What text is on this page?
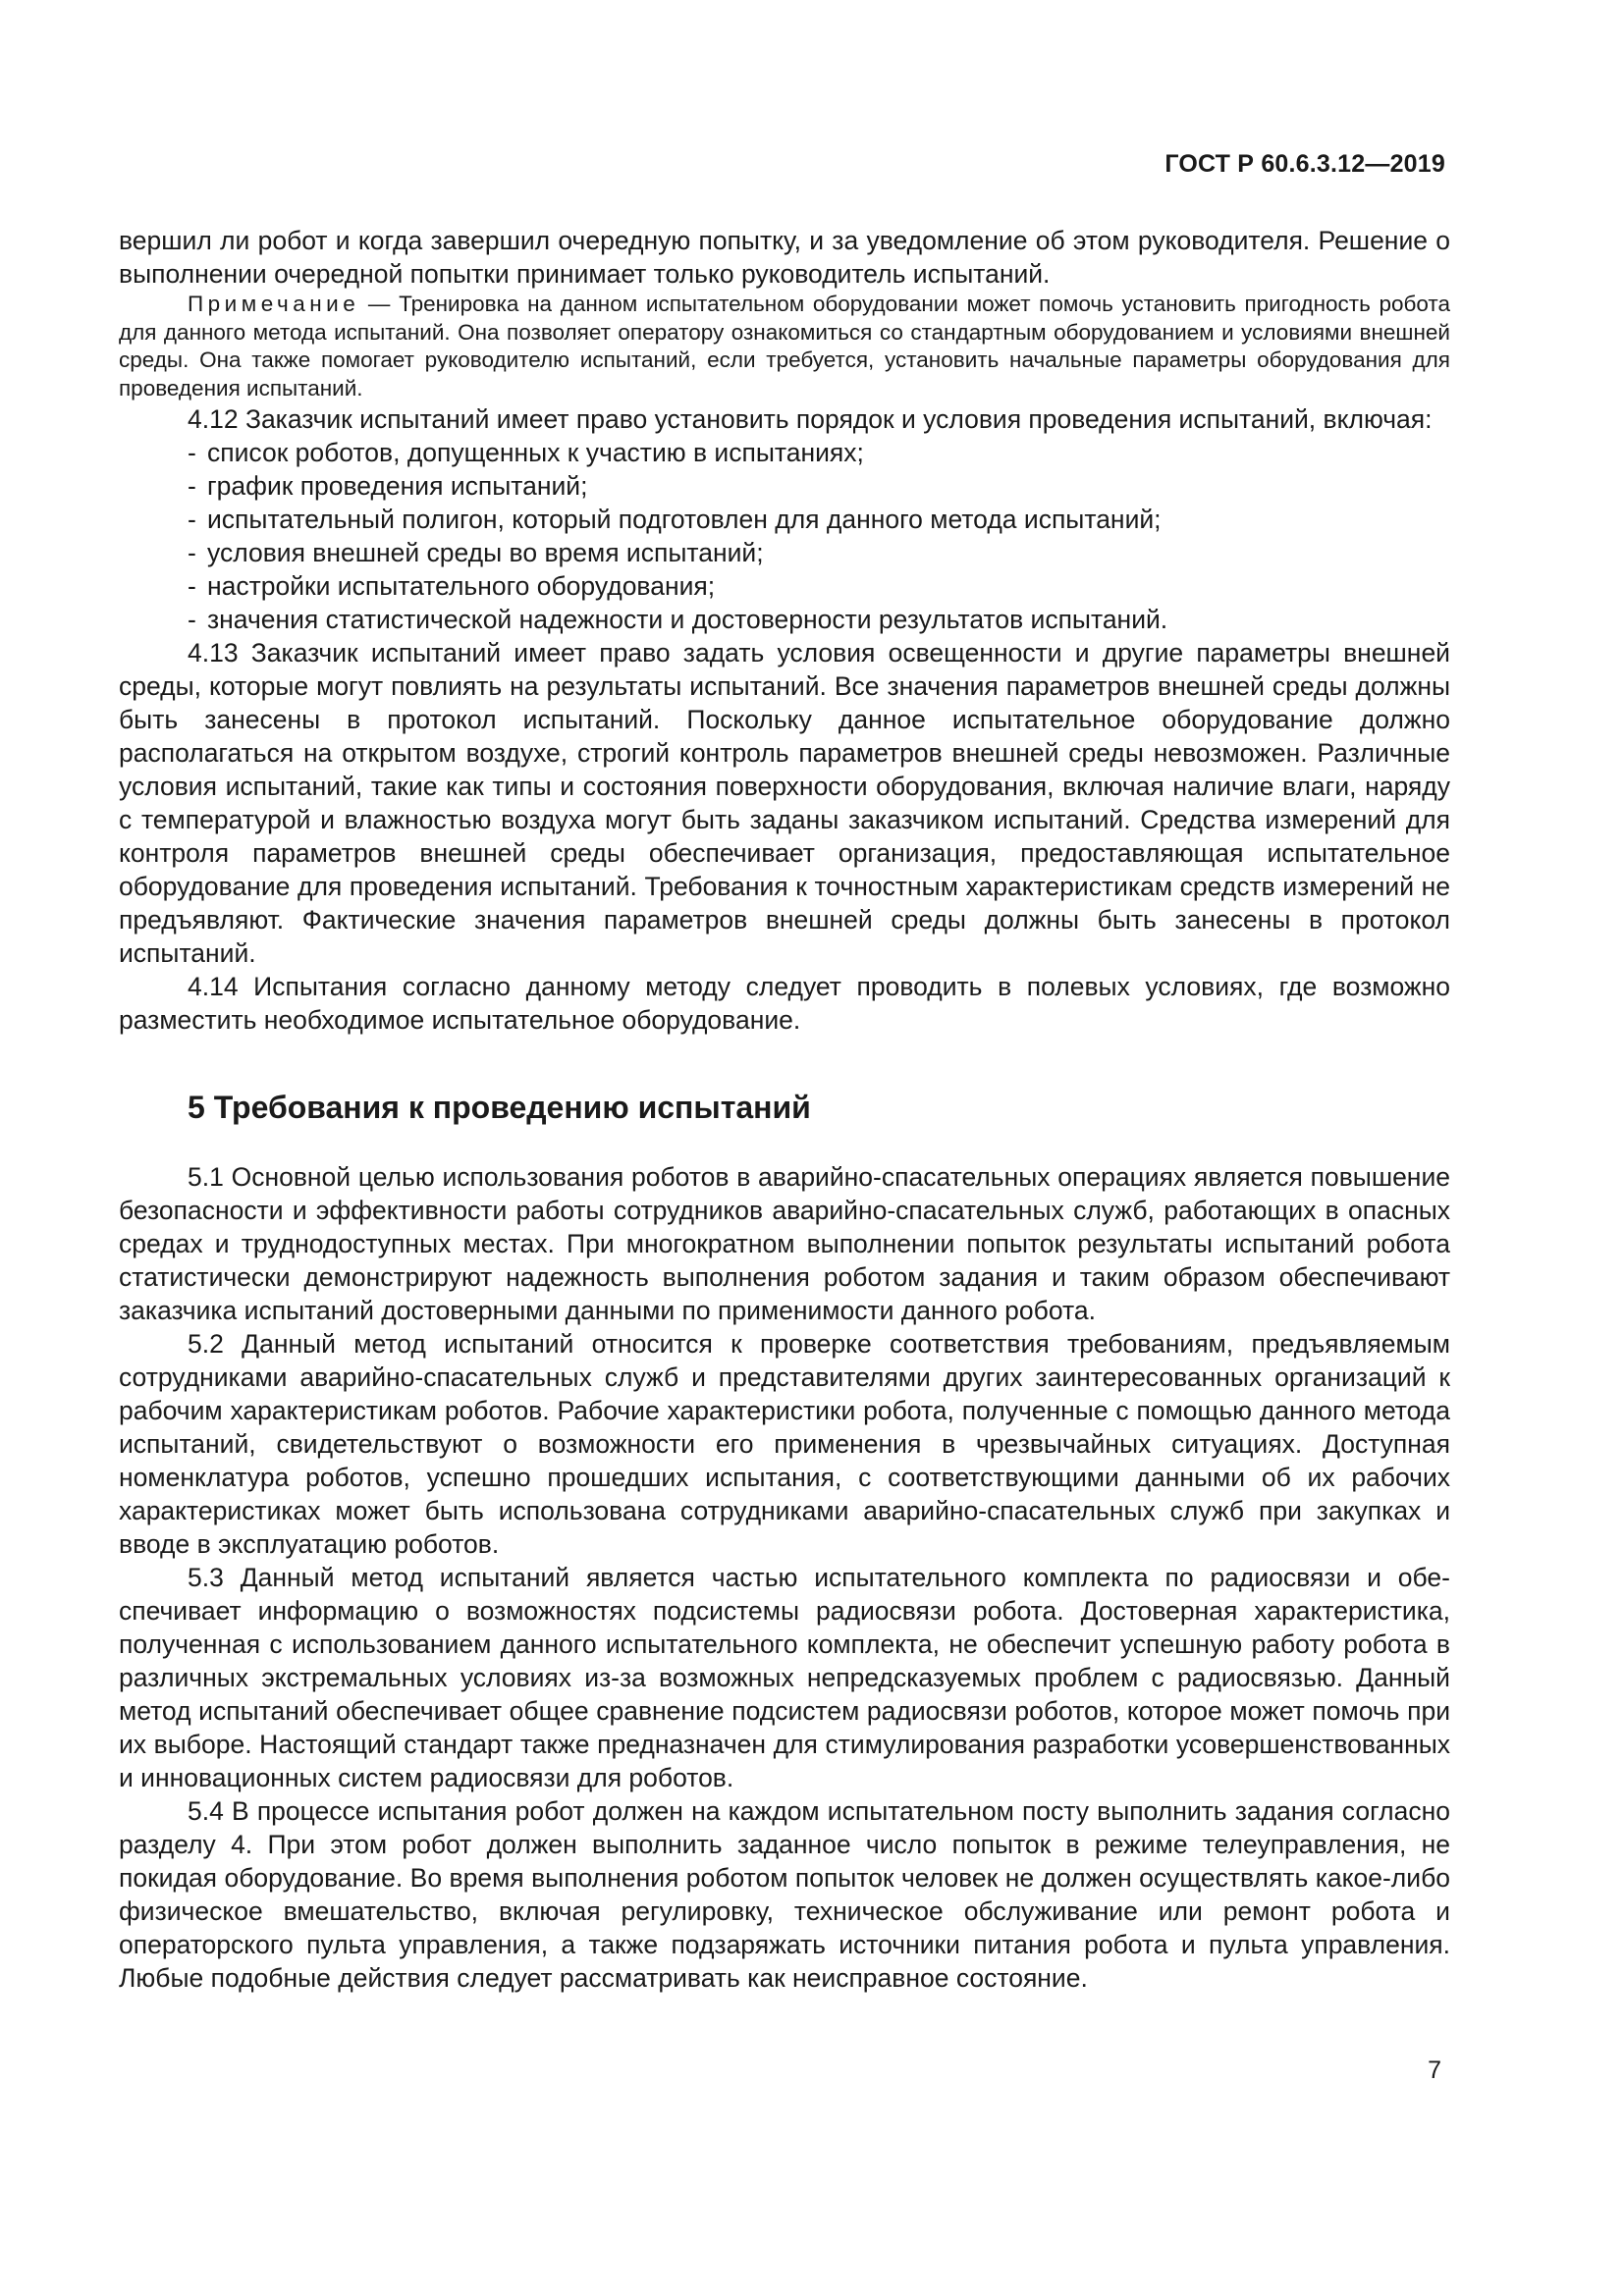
ГОСТ Р 60.6.3.12—2019

вершил ли робот и когда завершил очередную попытку, и за уведомление об этом руководителя. Решение о выполнении очередной попытки принимает только руководитель испытаний.

Примечание — Тренировка на данном испытательном оборудовании может помочь установить пригодность робота для данного метода испытаний. Она позволяет оператору ознакомиться со стандартным оборудованием и условиями внешней среды. Она также помогает руководителю испытаний, если требуется, установить начальные параметры оборудования для проведения испытаний.

4.12 Заказчик испытаний имеет право установить порядок и условия проведения испытаний, включая:

- список роботов, допущенных к участию в испытаниях;
- график проведения испытаний;
- испытательный полигон, который подготовлен для данного метода испытаний;
- условия внешней среды во время испытаний;
- настройки испытательного оборудования;
- значения статистической надежности и достоверности результатов испытаний.

4.13 Заказчик испытаний имеет право задать условия освещенности и другие параметры внешней среды, которые могут повлиять на результаты испытаний. Все значения параметров внешней среды должны быть занесены в протокол испытаний. Поскольку данное испытательное оборудование должно располагаться на открытом воздухе, строгий контроль параметров внешней среды невозможен. Различные условия испытаний, такие как типы и состояния поверхности оборудования, включая наличие влаги, наряду с температурой и влажностью воздуха могут быть заданы заказчиком испытаний. Средства измерений для контроля параметров внешней среды обеспечивает организация, предоставляющая испытательное оборудование для проведения испытаний. Требования к точностным характеристикам средств измерений не предъявляют. Фактические значения параметров внешней среды должны быть занесены в протокол испытаний.

4.14 Испытания согласно данному методу следует проводить в полевых условиях, где возможно разместить необходимое испытательное оборудование.

5 Требования к проведению испытаний

5.1 Основной целью использования роботов в аварийно-спасательных операциях является повышение безопасности и эффективности работы сотрудников аварийно-спасательных служб, работающих в опасных средах и труднодоступных местах. При многократном выполнении попыток результаты испытаний робота статистически демонстрируют надежность выполнения роботом задания и таким образом обеспечивают заказчика испытаний достоверными данными по применимости данного робота.

5.2 Данный метод испытаний относится к проверке соответствия требованиям, предъявляемым сотрудниками аварийно-спасательных служб и представителями других заинтересованных организаций к рабочим характеристикам роботов. Рабочие характеристики робота, полученные с помощью данного метода испытаний, свидетельствуют о возможности его применения в чрезвычайных ситуациях. Доступная номенклатура роботов, успешно прошедших испытания, с соответствующими данными об их рабочих характеристиках может быть использована сотрудниками аварийно-спасательных служб при закупках и вводе в эксплуатацию роботов.

5.3 Данный метод испытаний является частью испытательного комплекта по радиосвязи и обеспечивает информацию о возможностях подсистемы радиосвязи робота. Достоверная характеристика, полученная с использованием данного испытательного комплекта, не обеспечит успешную работу робота в различных экстремальных условиях из-за возможных непредсказуемых проблем с радиосвязью. Данный метод испытаний обеспечивает общее сравнение подсистем радиосвязи роботов, которое может помочь при их выборе. Настоящий стандарт также предназначен для стимулирования разработки усовершенствованных и инновационных систем радиосвязи для роботов.

5.4 В процессе испытания робот должен на каждом испытательном посту выполнить задания согласно разделу 4. При этом робот должен выполнить заданное число попыток в режиме телеуправления, не покидая оборудование. Во время выполнения роботом попыток человек не должен осуществлять какое-либо физическое вмешательство, включая регулировку, техническое обслуживание или ремонт робота и операторского пульта управления, а также подзаряжать источники питания робота и пульта управления. Любые подобные действия следует рассматривать как неисправное состояние.

7
